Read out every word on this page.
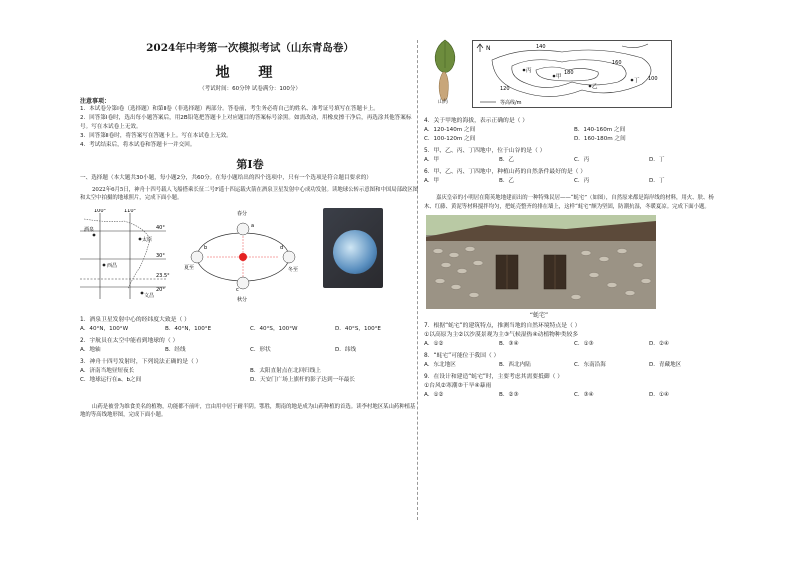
2024年中考第一次模拟考试（山东青岛卷）
地 理
（考试时间：60分钟 试卷满分：100分）
注意事项：
1．本试卷分第Ⅰ卷（选择题）和第Ⅱ卷（非选择题）两部分。答卷前，考生务必将自己的姓名、准考证号填写在答题卡上。
2．回答第Ⅰ卷时，选出每小题答案后，用2B铅笔把答题卡上对应题目的答案标号涂黑。如需改动，用橡皮擦干净后，再选涂其他答案标号。写在本试卷上无效。
3．回答第Ⅱ卷时，将答案写在答题卡上。写在本试卷上无效。
4．考试结束后，将本试卷和答题卡一并交回。
第Ⅰ卷
一、选择题（本大题共30小题，每小题2分，共60分。在每小题给出的四个选项中，只有一个选项是符合题目要求的）
2022年6月5日，神舟十四号载人飞船搭乘长征二号F遥十四运载火箭在酒泉卫星发射中心成功发射。读地球公转示意图和中国局部政区图和太空中拍摄的地球照片，完成下面小题。
100°	110°
40°
30°
23.5°
20°
酒泉
太原
西昌
文昌
春分
夏至
秋分
冬至
a
b
c
d
1．酒泉卫星发射中心的经纬度大致是（ ）
A．40°N，100°W	B．40°N，100°E	C．40°S，100°W	D．40°S，100°E
2．宇航员在太空中能看到地球的（ ）
A．地轴	B．经线	C．形状	D．纬线
3．神舟十四号发射时，下列说法正确的是（ ）
A．济南当地昼短夜长	B．太阳直射点在北回归线上
C．地球运行在a、b之间	D．天安门广场上旗杆的影子达到一年最长
山药是被誉为维食美名的植物，功能都不前叶，宜由用中居于耐半阴。鄂胜，期南的地是成为山药种植的首选。读李村地区某山药种植基地的等高线地形图，完成下面小题。
山药
N	140
160
180
120
100
甲
乙
丙
丁
等高线/m
4．关于甲地的海拔，表示正确的是（ ）
A．120-140m 之间	B．140-160m 之间
C．100-120m 之间	D．160-180m 之间
5．甲、乙、丙、丁四地中，位于山谷的是（ ）
A．甲	B．乙	C．丙	D．丁
6．甲、乙、丙、丁四地中，种植山药的自然条件最好的是（ ）
A．甲	B．乙	C．丙	D．丁
嘉庆皇帝的小明居在隋英地地建而出的一种特殊民居——“蚝宅”（如图），自然原来都是海岸线的材料，用火、肤、杨木、红藤、黄泥等材料搅拌均匀，把蚝壳整齐的排在墙上，这样“蚝宅”颇为坚固，防潮抗湿，冬暖夏凉。完成下面小题。
“蚝宅”
7．根据“蚝宅”的建筑特点，推测当地的自然环境特点是（ ）
①以高原为主②以沙漠景观为主③气候湿热④动植物种类较多
A．①②	B．③④	C．①③	D．②④
8．“蚝宅”可能位于我国（ ）
A．东北地区	B．西北内陆	C．东南沿海	D．青藏地区
9．在设计和建造“蚝宅”时，主要考虑其需要抵御（ ）
①台风②寒潮③干旱④暴雨
A．①②	B．②③	C．③④	D．①④
